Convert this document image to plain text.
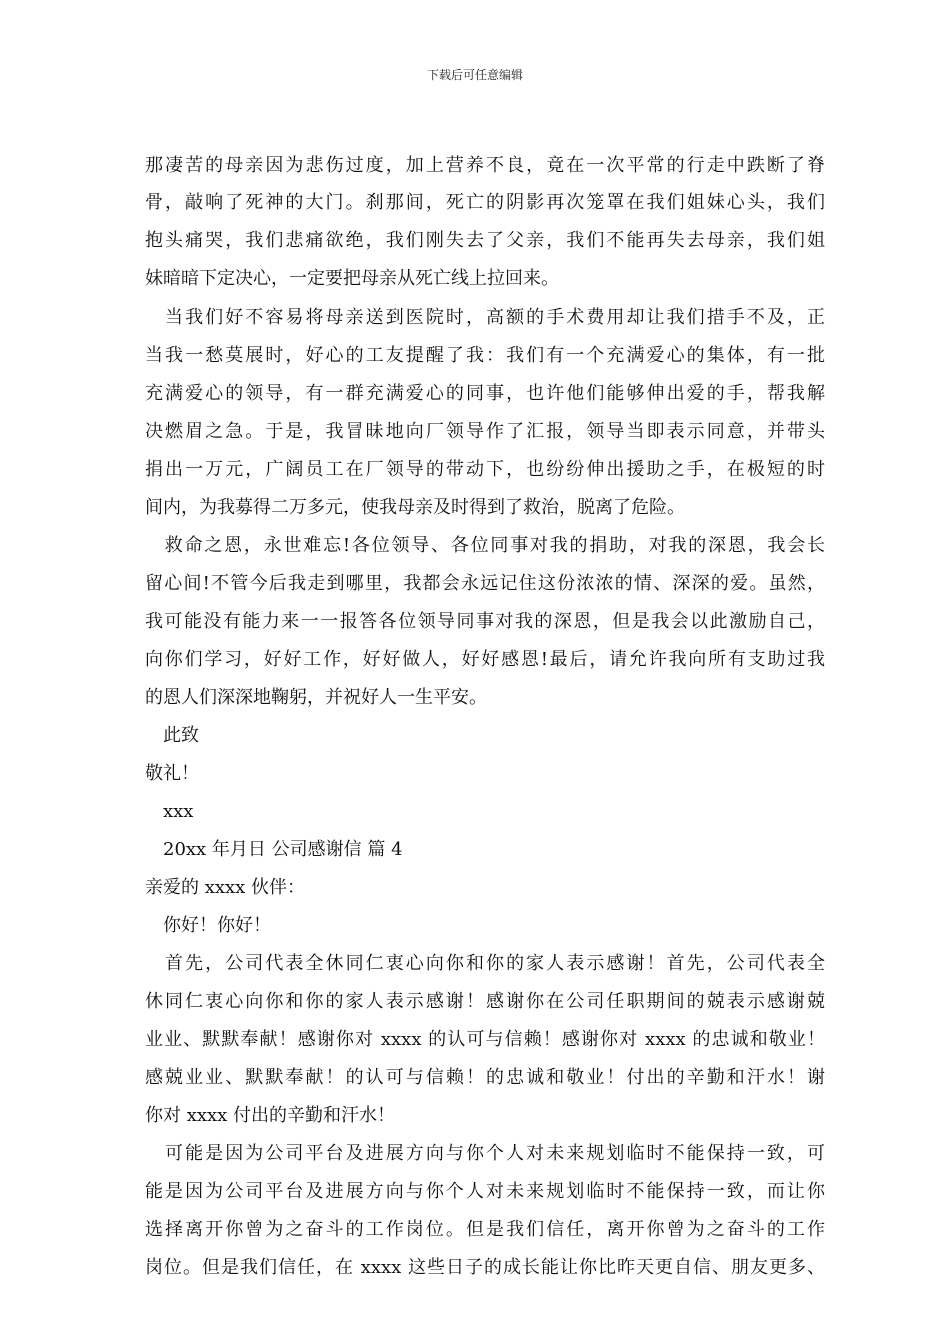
下载后可任意编辑
那凄苦的母亲因为悲伤过度，加上营养不良，竟在一次平常的行走中跌断了脊
骨，敲响了死神的大门。刹那间，死亡的阴影再次笼罩在我们姐妹心头，我们
抱头痛哭，我们悲痛欲绝，我们刚失去了父亲，我们不能再失去母亲，我们姐
妹暗暗下定决心，一定要把母亲从死亡线上拉回来。
　当我们好不容易将母亲送到医院时，高额的手术费用却让我们措手不及，正
当我一愁莫展时，好心的工友提醒了我：我们有一个充满爱心的集体，有一批
充满爱心的领导，有一群充满爱心的同事，也许他们能够伸出爱的手，帮我解
决燃眉之急。于是，我冒昧地向厂领导作了汇报，领导当即表示同意，并带头
捐出一万元，广阔员工在厂领导的带动下，也纷纷伸出援助之手，在极短的时
间内，为我募得二万多元，使我母亲及时得到了救治，脱离了危险。
　救命之恩，永世难忘!各位领导、各位同事对我的捐助，对我的深恩，我会长
留心间!不管今后我走到哪里，我都会永远记住这份浓浓的情、深深的爱。虽然，
我可能没有能力来一一报答各位领导同事对我的深恩，但是我会以此激励自己，
向你们学习，好好工作，好好做人，好好感恩!最后，请允许我向所有支助过我
的恩人们深深地鞠躬，并祝好人一生平安。
　此致
敬礼！
　xxx
　20xx 年月日 公司感谢信 篇 4
亲爱的 xxxx 伙伴：
　你好！你好！
　首先，公司代表全休同仁衷心向你和你的家人表示感谢！首先，公司代表全
休同仁衷心向你和你的家人表示感谢！感谢你在公司任职期间的兢表示感谢兢
业业、默默奉献！感谢你对 xxxx 的认可与信赖！感谢你对 xxxx 的忠诚和敬业！
感兢业业、默默奉献！的认可与信赖！的忠诚和敬业！付出的辛勤和汗水！谢
你对 xxxx 付出的辛勤和汗水！
　可能是因为公司平台及进展方向与你个人对未来规划临时不能保持一致，可
能是因为公司平台及进展方向与你个人对未来规划临时不能保持一致，而让你
选择离开你曾为之奋斗的工作岗位。但是我们信任，离开你曾为之奋斗的工作
岗位。但是我们信任，在 xxxx 这些日子的成长能让你比昨天更自信、朋友更多、
